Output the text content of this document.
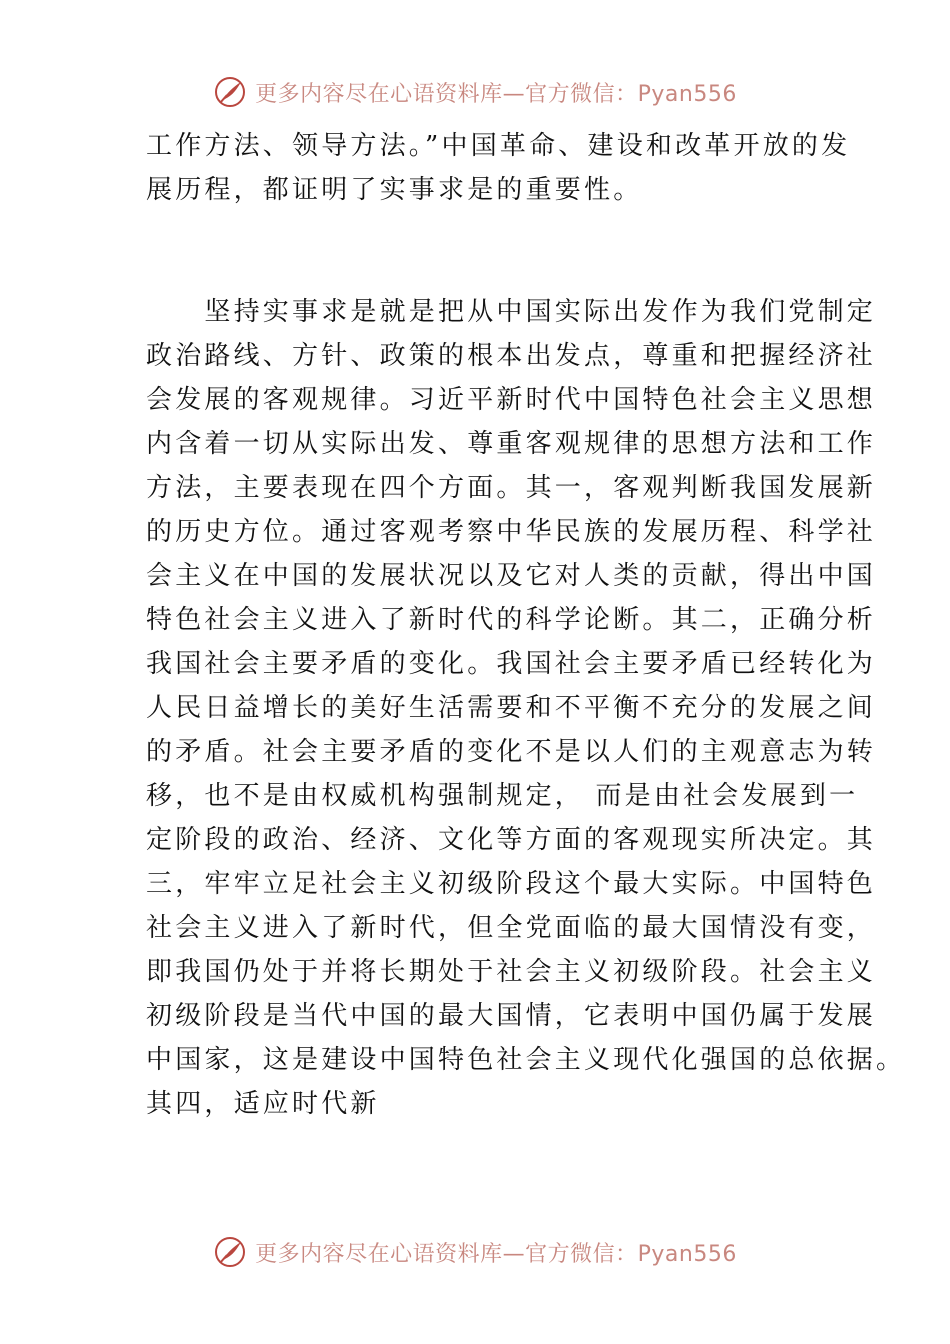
更多内容尽在心语资料库—官方微信：Pyan556
工作方法、领导方法。”中国革命、建设和改革开放的发
展历程，都证明了实事求是的重要性。
　　坚持实事求是就是把从中国实际出发作为我们党制定
政治路线、方针、政策的根本出发点，尊重和把握经济社
会发展的客观规律。习近平新时代中国特色社会主义思想
内含着一切从实际出发、尊重客观规律的思想方法和工作
方法，主要表现在四个方面。其一，客观判断我国发展新
的历史方位。通过客观考察中华民族的发展历程、科学社
会主义在中国的发展状况以及它对人类的贡献，得出中国
特色社会主义进入了新时代的科学论断。其二，正确分析
我国社会主要矛盾的变化。我国社会主要矛盾已经转化为
人民日益增长的美好生活需要和不平衡不充分的发展之间
的矛盾。社会主要矛盾的变化不是以人们的主观意志为转
移，也不是由权威机构强制规定， 而是由社会发展到一
定阶段的政治、经济、文化等方面的客观现实所决定。其
三，牢牢立足社会主义初级阶段这个最大实际。中国特色
社会主义进入了新时代，但全党面临的最大国情没有变，
即我国仍处于并将长期处于社会主义初级阶段。社会主义
初级阶段是当代中国的最大国情，它表明中国仍属于发展
中国家，这是建设中国特色社会主义现代化强国的总依据。
其四，适应时代新
更多内容尽在心语资料库—官方微信：Pyan556
